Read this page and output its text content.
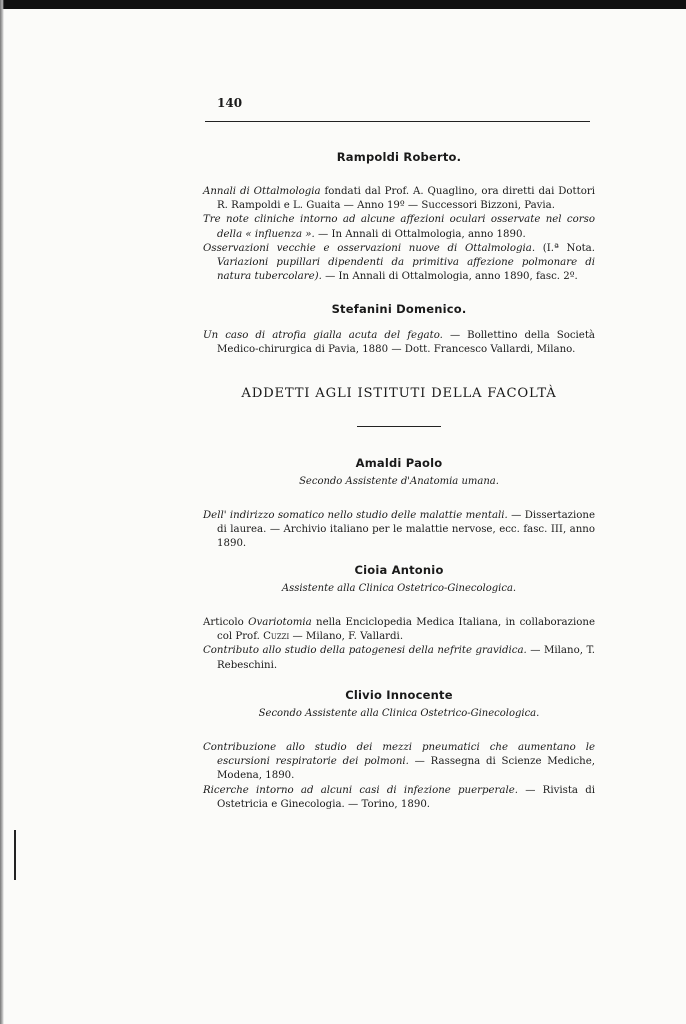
140

Rampoldi Roberto.

Annali di Ottalmologia fondati dal Prof. A. Quaglino, ora diretti dai Dottori R. Rampoldi e L. Guaita — Anno 19º — Successori Bizzoni, Pavia.

Tre note cliniche intorno ad alcune affezioni oculari osservate nel corso della « influenza ». — In Annali di Ottalmologia, anno 1890.

Osservazioni vecchie e osservazioni nuove di Ottalmologia. (I.ª Nota. Variazioni pupillari dipendenti da primitiva affezione polmonare di natura tubercolare). — In Annali di Ottalmologia, anno 1890, fasc. 2º.

Stefanini Domenico.

Un caso di atrofia gialla acuta del fegato. — Bollettino della Società Medico-chirurgica di Pavia, 1880 — Dott. Francesco Vallardi, Milano.

ADDETTI AGLI ISTITUTI DELLA FACOLTÀ

Amaldi Paolo

Secondo Assistente d'Anatomia umana.

Dell' indirizzo somatico nello studio delle malattie mentali. — Dissertazione di laurea. — Archivio italiano per le malattie nervose, ecc. fasc. III, anno 1890.

Cioia Antonio

Assistente alla Clinica Ostetrico-Ginecologica.

Articolo Ovariotomia nella Enciclopedia Medica Italiana, in collaborazione col Prof. Cuzzi — Milano, F. Vallardi.

Contributo allo studio della patogenesi della nefrite gravidica. — Milano, T. Rebeschini.

Clivio Innocente

Secondo Assistente alla Clinica Ostetrico-Ginecologica.

Contribuzione allo studio dei mezzi pneumatici che aumentano le escursioni respiratorie dei polmoni. — Rassegna di Scienze Mediche, Modena, 1890.

Ricerche intorno ad alcuni casi di infezione puerperale. — Rivista di Ostetricia e Ginecologia. — Torino, 1890.
